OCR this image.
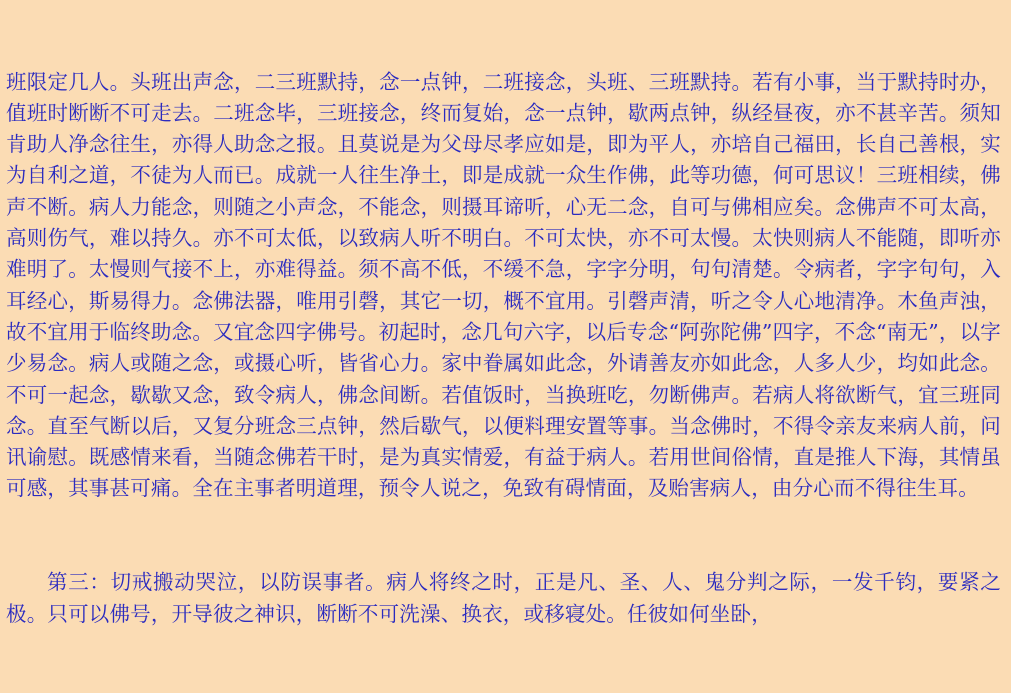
班限定几人。头班出声念，二三班默持，念一点钟，二班接念，头班、三班默持。若有小事，当于默持时办，值班时断断不可走去。二班念毕，三班接念，终而复始，念一点钟，歇两点钟，纵经昼夜，亦不甚辛苦。须知肯助人净念往生，亦得人助念之报。且莫说是为父母尽孝应如是，即为平人，亦培自己福田，长自己善根，实为自利之道，不徒为人而已。成就一人往生净土，即是成就一众生作佛，此等功德，何可思议！三班相续，佛声不断。病人力能念，则随之小声念，不能念，则摄耳谛听，心无二念，自可与佛相应矣。念佛声不可太高，高则伤气，难以持久。亦不可太低，以致病人听不明白。不可太快，亦不可太慢。太快则病人不能随，即听亦难明了。太慢则气接不上，亦难得益。须不高不低，不缓不急，字字分明，句句清楚。令病者，字字句句，入耳经心，斯易得力。念佛法器，唯用引磬，其它一切，概不宜用。引磬声清，听之令人心地清净。木鱼声浊，故不宜用于临终助念。又宜念四字佛号。初起时，念几句六字，以后专念“阿弥陀佛”四字，不念“南无”，以字少易念。病人或随之念，或摄心听，皆省心力。家中眷属如此念，外请善友亦如此念，人多人少，均如此念。不可一起念，歇歇又念，致令病人，佛念间断。若值饭时，当换班吃，勿断佛声。若病人将欲断气，宜三班同念。直至气断以后，又复分班念三点钟，然后歇气，以便料理安置等事。当念佛时，不得令亲友来病人前，问讯谕慰。既感情来看，当随念佛若干时，是为真实情爱，有益于病人。若用世间俗情，直是推人下海，其情虽可感，其事甚可痛。全在主事者明道理，预令人说之，免致有碍情面，及贻害病人，由分心而不得往生耳。

第三：切戒搬动哭泣，以防误事者。病人将终之时，正是凡、圣、人、鬼分判之际，一发千钧，要紧之极。只可以佛号，开导彼之神识，断断不可洗澡、换衣，或移寝处。任彼如何坐卧，
